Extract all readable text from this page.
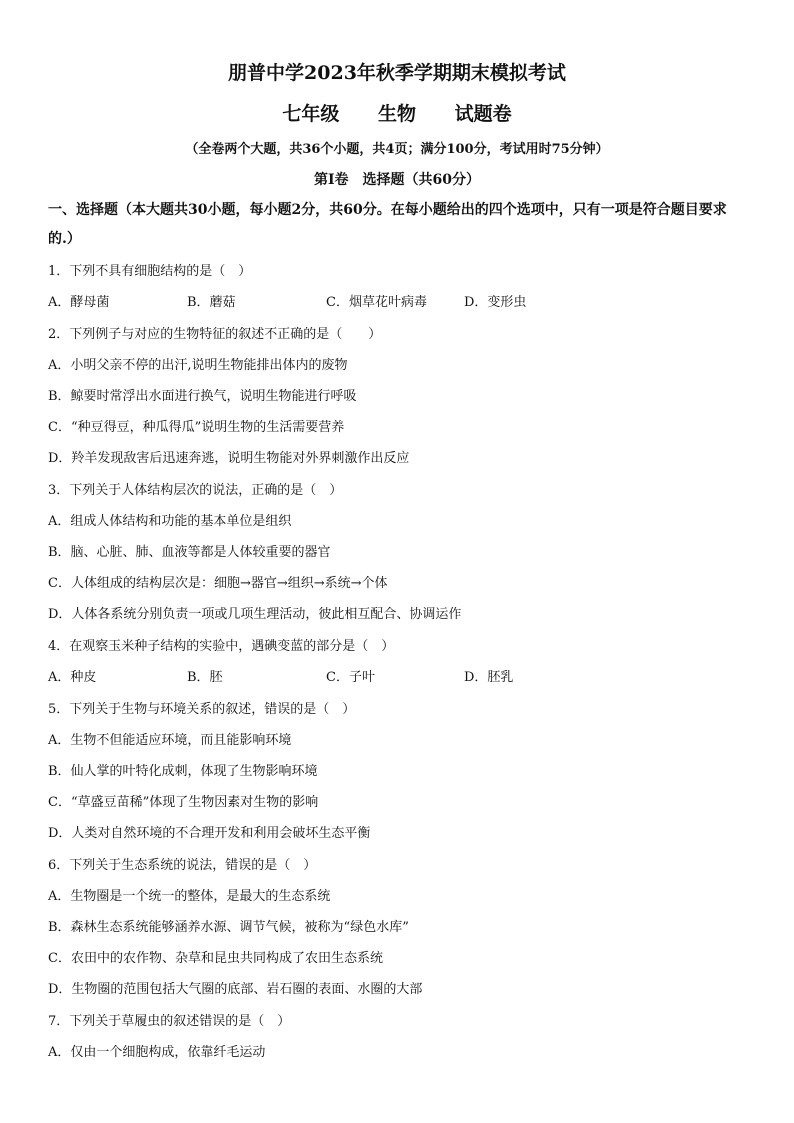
朋普中学2023年秋季学期期末模拟考试
七年级 生物 试题卷
（全卷两个大题，共36个小题，共4页；满分100分，考试用时75分钟）
第Ⅰ卷　选择题（共60分）
一、选择题（本大题共30小题，每小题2分，共60分。在每小题给出的四个选项中，只有一项是符合题目要求的.）
1．下列不具有细胞结构的是（　）
A．酵母菌	B．蘑菇	C．烟草花叶病毒	D．变形虫
2．下列例子与对应的生物特征的叙述不正确的是（　　）
A．小明父亲不停的出汗,说明生物能排出体内的废物
B．鲸要时常浮出水面进行换气，说明生物能进行呼吸
C．“种豆得豆，种瓜得瓜”说明生物的生活需要营养
D．羚羊发现敌害后迅速奔逃，说明生物能对外界刺激作出反应
3．下列关于人体结构层次的说法，正确的是（　）
A．组成人体结构和功能的基本单位是组织
B．脑、心脏、肺、血液等都是人体较重要的器官
C．人体组成的结构层次是：细胞→器官→组织→系统→个体
D．人体各系统分别负责一项或几项生理活动，彼此相互配合、协调运作
4．在观察玉米种子结构的实验中，遇碘变蓝的部分是（　）
A．种皮	B．胚	C．子叶	D．胚乳
5．下列关于生物与环境关系的叙述，错误的是（　）
A．生物不但能适应环境，而且能影响环境
B．仙人掌的叶特化成刺，体现了生物影响环境
C．“草盛豆苗稀”体现了生物因素对生物的影响
D．人类对自然环境的不合理开发和利用会破坏生态平衡
6．下列关于生态系统的说法，错误的是（　）
A．生物圈是一个统一的整体，是最大的生态系统
B．森林生态系统能够涵养水源、调节气候，被称为“绿色水库”
C．农田中的农作物、杂草和昆虫共同构成了农田生态系统
D．生物圈的范围包括大气圈的底部、岩石圈的表面、水圈的大部
7．下列关于草履虫的叙述错误的是（　）
A．仅由一个细胞构成，依靠纤毛运动
